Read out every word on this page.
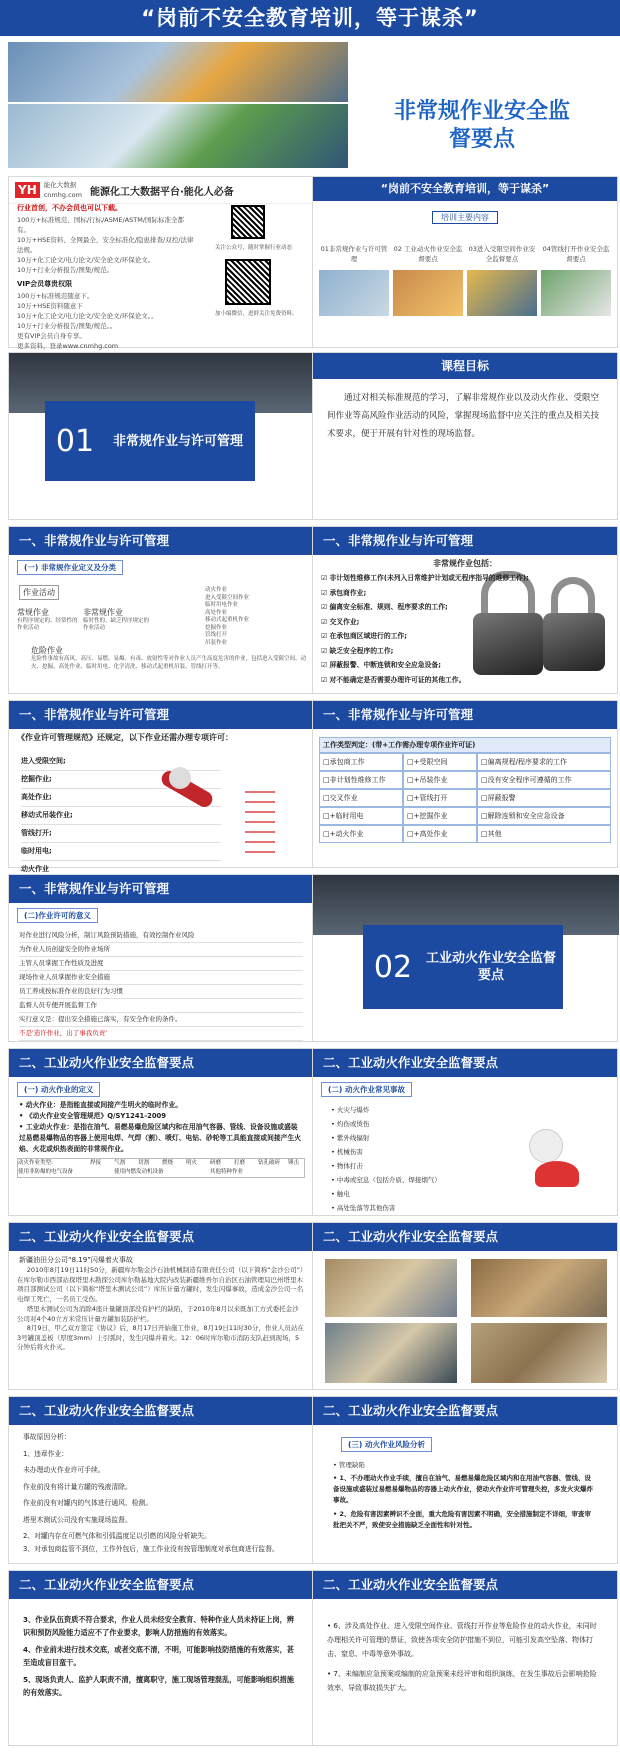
“岗前不安全教育培训，等于谋杀”
非常规作业安全监
督要点
YH	能化大数据
cnmhg.com 能源化工大数据平台·能化人必备
行业首创，不办会员也可以下载。
100万+标准规范、国标/行标/ASME/ASTM/国际标准全都有。
10万+HSE资料、全网最全、安全标准化/隐患排查/双控/法律法规。
10万+化工论文/电力论文/安全论文/环保论文。
10万+行业分析报告/图集/规范。
VIP会员尊贵权限
100万+标准规范随意下。
10万+HSE资料随意下
10万+化工论文/电力论文/安全论文/环保论文。。
10万+行业分析报告/图集/规范。。
更有VIP会员自身专享。
更多资料，登录www.cnmhg.com
关注公众号，随时掌握行业动态
加小编微信，进群关注免费资料。
“岗前不安全教育培训，等于谋杀”
培训主要内容
01非常规作业与许可管理
02 工业动火作业安全监督要点
03进入受限空间作业安全监督要点
04管线打开作业安全监督要点
01	非常规作业与许可管理
课程目标
通过对相关标准规范的学习，了解非常规作业以及动火作业、受限空间作业等高风险作业活动的风险，掌握现场监督中应关注的重点及相关技术要求，便于开展有针对性的现场监督。
一、非常规作业与许可管理
(一) 非常规作业定义及分类
作业活动
常规作业
有程序规定的、经常性的作业活动
非常规作业
临时性的、缺乏程序规定的作业活动
动火作业
进入受限空间作业
临时用电作业
高处作业
移动式起重机作业
挖掘作业
管线打开
吊装作业
危险作业
危险性事故有高风、高压、易燃、易爆、有毒、放射性等对作业人员产生高度危害的作业，包括进入受限空间、动火、挖掘、高处作业、临时用电、化学清洗、移动式起重机吊装、管线打开等。
一、非常规作业与许可管理
非常规作业包括：
☑ 非计划性维修工作(未列入日常维护计划或无程序指导的维修工作);
☑ 承包商作业;
☑ 偏离安全标准、规则、程序要求的工作;
☑ 交叉作业;
☑ 在承包商区域进行的工作;
☑ 缺乏安全程序的工作;
☑ 屏蔽报警、中断连锁和安全应急设备;
☑ 对不能确定是否需要办理许可证的其他工作。
一、非常规作业与许可管理
《作业许可管理规范》还规定，以下作业还需办理专项许可：
进入受限空间;
挖掘作业;
高处作业;
移动式吊装作业;
管线打开;
临时用电;
动火作业
一、非常规作业与许可管理
工作类型判定：(带+工作需办理专项作业许可证)
□承包商工作	□+受限空间	□偏离规程/程序要求的工作
□非计划性维修工作	□+吊装作业	□没有安全程序可遵循的工作
□交叉作业	□+管线打开	□屏蔽报警
□+临时用电	□+挖掘作业	□解除连锁和安全应急设备
□+动火作业	□+高处作业	□其他
一、非常规作业与许可管理
(二)作业许可的意义
对作业进行风险分析，制订风险预防措施，有效控制作业风险
为作业人员创建安全的作业场所
主管人员掌握工作性质及进度
现场作业人员掌握作业安全措施
员工养成按标准作业的良好行为习惯
监督人员专便开展监督工作
实行意义是：提出安全措施已落实，有安全作业的条件。
不是'造许作业，出了事我负责'
02	工业动火作业安全监督要点
二、工业动火作业安全监督要点
(一) 动火作业的定义
• 动火作业：是指能直接或间接产生明火的临时作业。
• 《动火作业安全管理规范》Q/SY1241-2009
• 工业动火作业：是指在油气、易燃易爆危险区域内和在用油气容器、管线、设备设施或盛装过易燃易爆物品的容器上使用电焊、气焊（割）、喷灯、电钻、砂轮等工具能直接或间接产生火焰、火花或炽热表面的非常规作业。
动火作业类型:	焊接	气割	切割	燃烧	明火	研磨	打磨	钻孔破碎	锤击
使用非防爆的电气设备	使用内燃发动机设备	其他特种作业
二、工业动火作业安全监督要点
(二) 动火作业常见事故
• 火灾与爆炸
• 灼伤或烫伤
• 紫外线辐射
• 机械伤害
• 物体打击
• 中毒或窒息（包括介质、焊接烟气）
• 触电
• 高处坠落等其他伤害
二、工业动火作业安全监督要点
新疆油田分公司“8.19”闪爆着火事故
2010年8月19日11时50分，新疆库尔勒金沙石油机械制造有限责任公司（以下简称“金沙公司”）在库尔勒市西部站探塔里木勘探公司库尔勒基地大院内改装新疆维吾尔自治区石油管理局巴州塔里木项目部测试公司（以下简称“塔里木测试公司”）库压计量方罐时，发生闪爆事故，造成金沙公司一名电焊工死亡，一名员工受伤。
塔里木测试公司为消除4座计量罐顶部没有护栏的缺陷，于2010年8月以来既加工方式委托金沙公司对4个40立方米常压计量方罐加装防护栏。
8月9日，甲乙双方签定《协议》后，8月17日开始施工作业，8月19日11时30分，作业人员站在3号罐顶盖板（厚度3mm）上引弧时，发生闪爆并着火。12：06时库尔勒市消防支队赶到现场，5分钟后将火扑灭。
二、工业动火作业安全监督要点
二、工业动火作业安全监督要点
事故原因分析：
1、违章作业：
未办理动火作业许可手续。
作业前没有将计量方罐的残液清除。
作业前没有对罐内的气体进行通风、检测。
塔里木测试公司没有实施现场监督。
2、对罐内存在可燃气体和引弧温度足以引燃的风险分析缺失。
3、对承包商监管不到位，工作外包后，施工作业没有按管理制度对承包商进行监督。
二、工业动火作业安全监督要点
(三) 动火作业风险分析
• 管理缺陷
• 1、不办理动火作业手续，擅自在油气、易燃易爆危险区域内和在用油气容器、管线、设备设施或盛装过易燃易爆物品的容器上动火作业，使动火作业许可管理失控，多发火灾爆炸事故。
• 2、危险有害因素辨识不全面，重大危险有害因素不明确，安全措施制定不详细，审查审批把关不严，致使安全措施缺乏全面性和针对性。
二、工业动火作业安全监督要点
3、作业队伍资质不符合要求，作业人员未经安全教育、特种作业人员未持证上岗，辨识和预防风险能力适应不了作业要求，影响人防措施的有效落实。
4、作业前未进行技术交底，或者交底不清，不明，可能影响技防措施的有效落实，甚至造成盲目蛮干。
5、现场负责人、监护人职责不清，擅离职守，施工现场管理混乱，可能影响组织措施的有效落实。
二、工业动火作业安全监督要点
• 6、涉及高处作业、进入受限空间作业、管线打开作业等危险作业的动火作业，未同时办理相关许可管理的票证，致使各项安全防护措施不到位，可能引发高空坠落、物体打击、窒息、中毒等意外事故。
• 7、未编制应急预案或编制的应急预案未经评审和组织演练，在发生事故后会影响抢险效率，导致事故损失扩大。
